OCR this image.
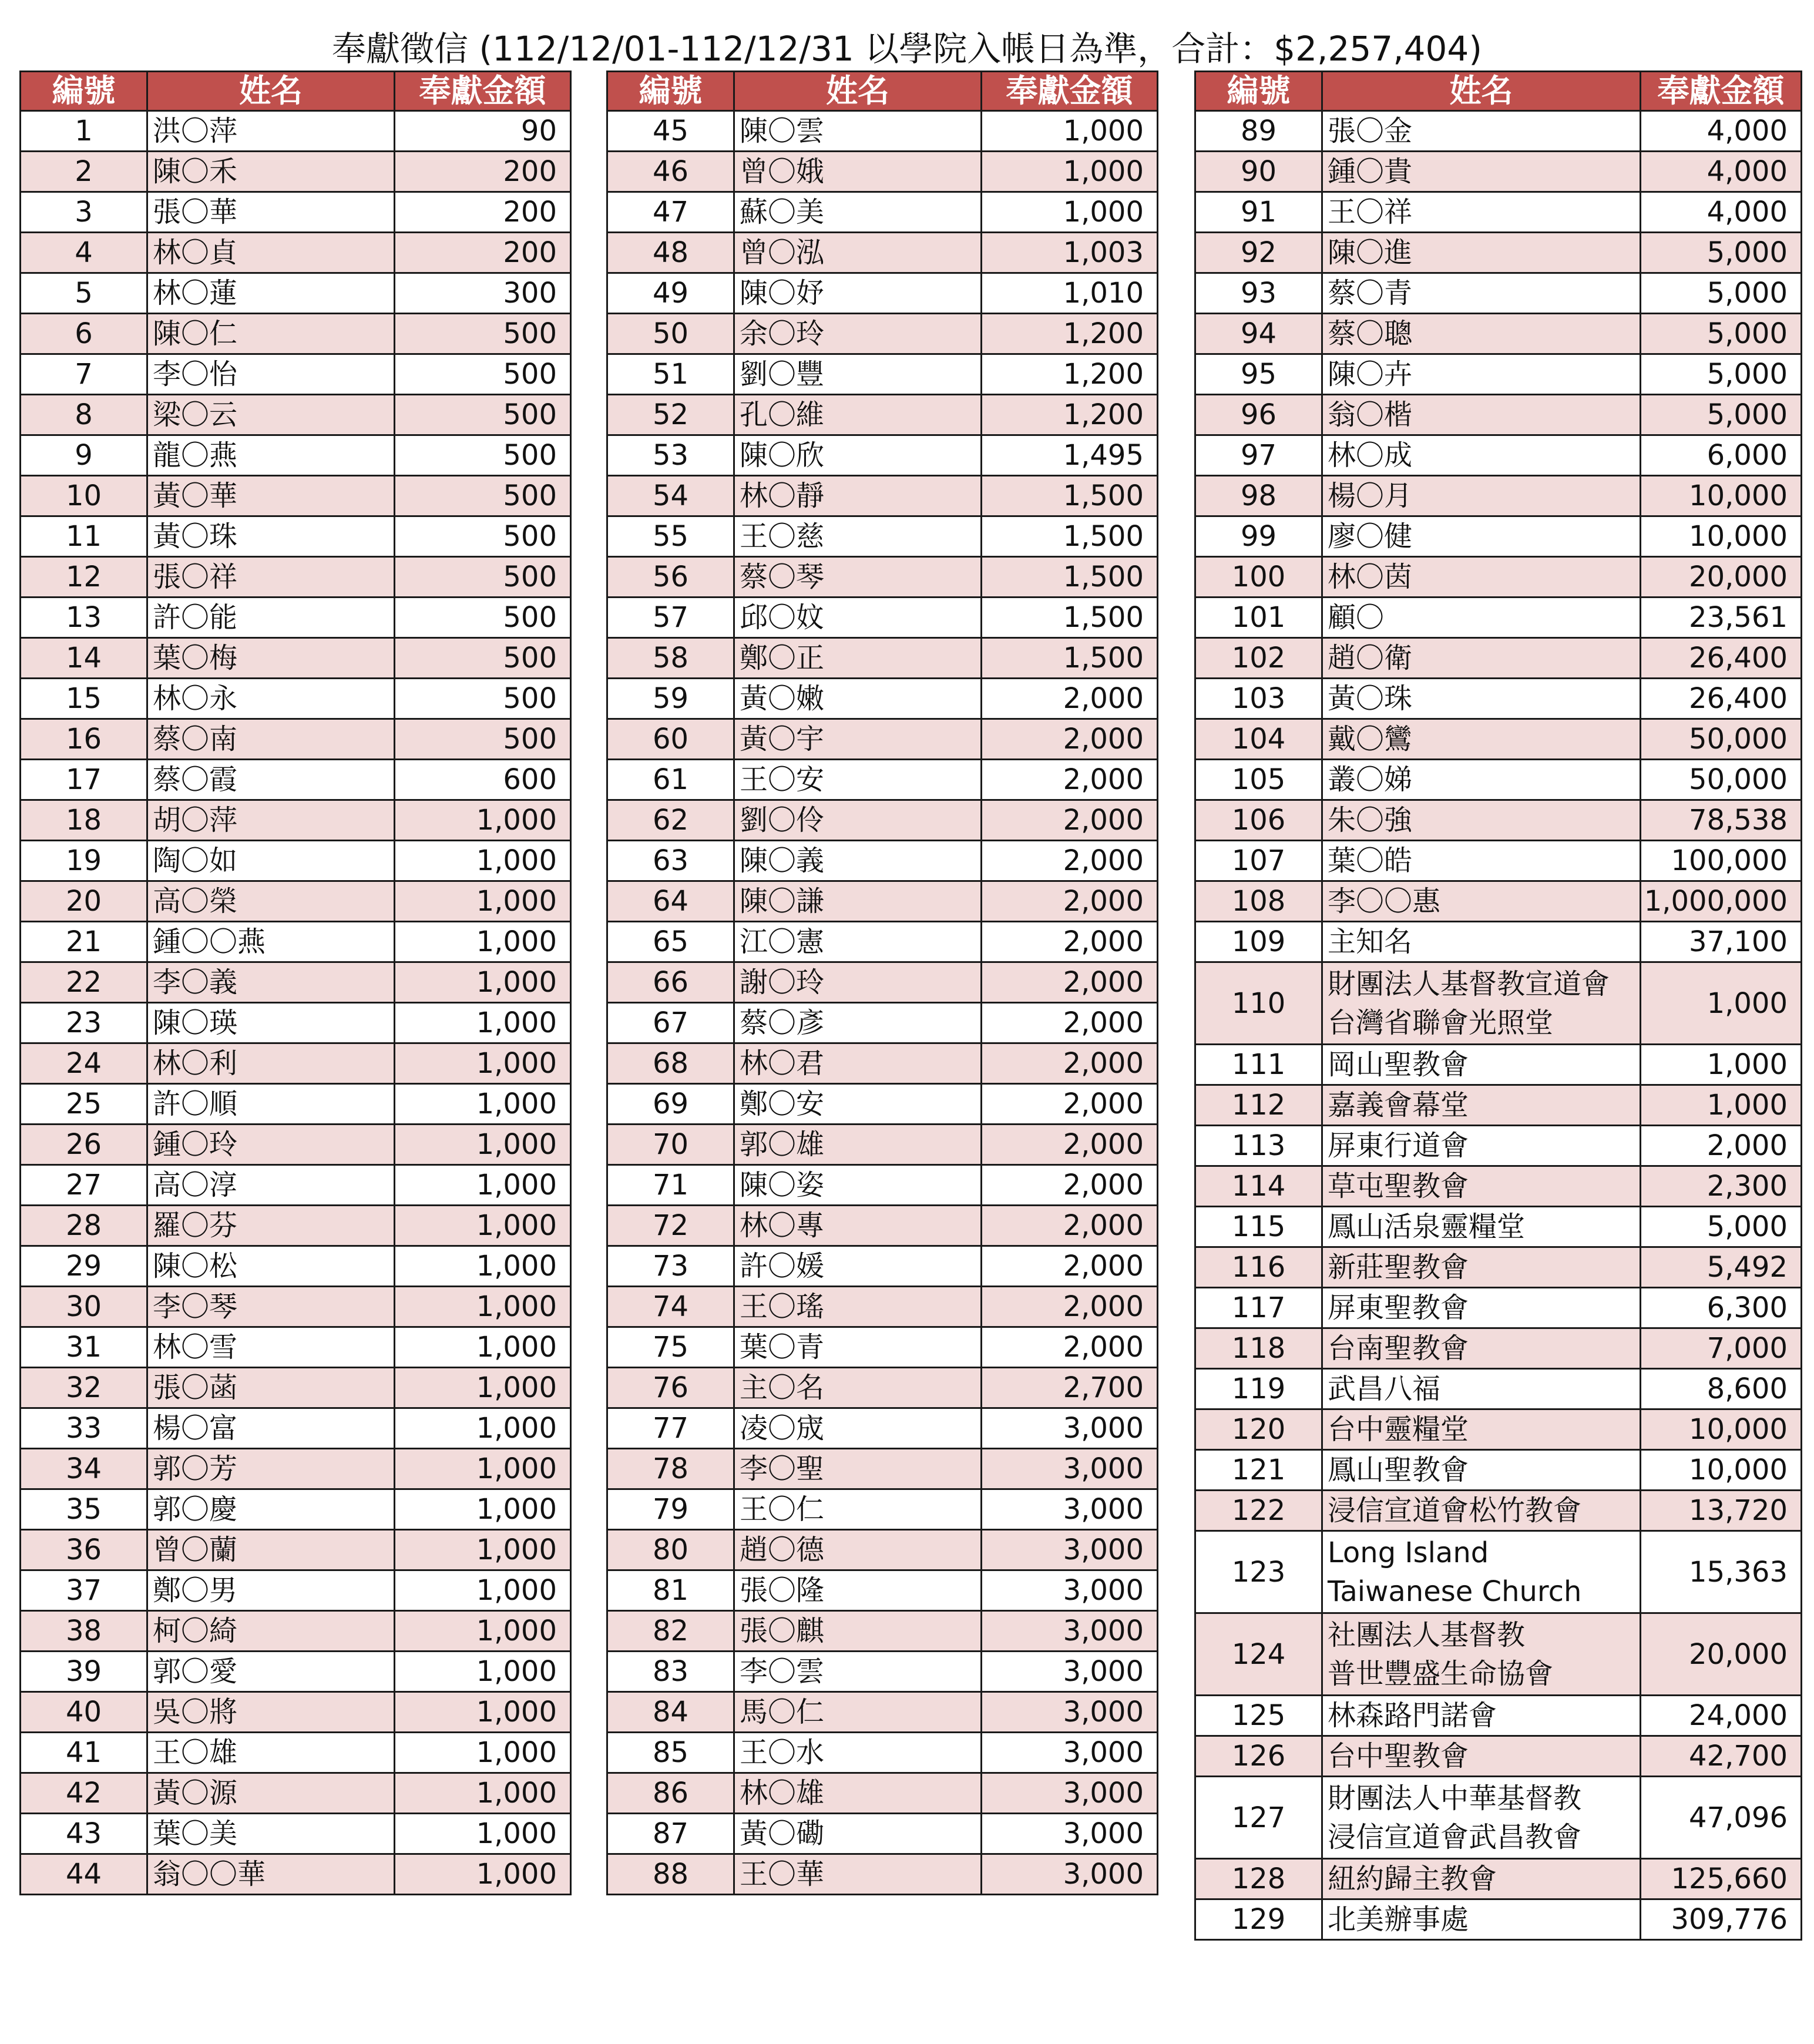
奉獻徵信 (112/12/01-112/12/31 以學院入帳日為準，合計：$2,257,404)
編號	姓名	奉獻金額
1	洪〇萍	90
2	陳〇禾	200
3	張〇華	200
4	林〇貞	200
5	林〇蓮	300
6	陳〇仁	500
7	李〇怡	500
8	梁〇云	500
9	龍〇燕	500
10	黃〇華	500
11	黃〇珠	500
12	張〇祥	500
13	許〇能	500
14	葉〇梅	500
15	林〇永	500
16	蔡〇南	500
17	蔡〇霞	600
18	胡〇萍	1,000
19	陶〇如	1,000
20	高〇榮	1,000
21	鍾〇〇燕	1,000
22	李〇義	1,000
23	陳〇瑛	1,000
24	林〇利	1,000
25	許〇順	1,000
26	鍾〇玲	1,000
27	高〇淳	1,000
28	羅〇芬	1,000
29	陳〇松	1,000
30	李〇琴	1,000
31	林〇雪	1,000
32	張〇菡	1,000
33	楊〇富	1,000
34	郭〇芳	1,000
35	郭〇慶	1,000
36	曾〇蘭	1,000
37	鄭〇男	1,000
38	柯〇綺	1,000
39	郭〇愛	1,000
40	吳〇將	1,000
41	王〇雄	1,000
42	黃〇源	1,000
43	葉〇美	1,000
44	翁〇〇華	1,000
編號	姓名	奉獻金額
45	陳〇雲	1,000
46	曾〇娥	1,000
47	蘇〇美	1,000
48	曾〇泓	1,003
49	陳〇妤	1,010
50	余〇玲	1,200
51	劉〇豐	1,200
52	孔〇維	1,200
53	陳〇欣	1,495
54	林〇靜	1,500
55	王〇慈	1,500
56	蔡〇琴	1,500
57	邱〇妏	1,500
58	鄭〇正	1,500
59	黃〇嫩	2,000
60	黃〇宇	2,000
61	王〇安	2,000
62	劉〇伶	2,000
63	陳〇義	2,000
64	陳〇謙	2,000
65	江〇憲	2,000
66	謝〇玲	2,000
67	蔡〇彥	2,000
68	林〇君	2,000
69	鄭〇安	2,000
70	郭〇雄	2,000
71	陳〇姿	2,000
72	林〇專	2,000
73	許〇媛	2,000
74	王〇瑤	2,000
75	葉〇青	2,000
76	主〇名	2,700
77	凌〇宬	3,000
78	李〇聖	3,000
79	王〇仁	3,000
80	趙〇德	3,000
81	張〇隆	3,000
82	張〇麒	3,000
83	李〇雲	3,000
84	馬〇仁	3,000
85	王〇水	3,000
86	林〇雄	3,000
87	黃〇磡	3,000
88	王〇華	3,000
編號	姓名	奉獻金額
89	張〇金	4,000
90	鍾〇貴	4,000
91	王〇祥	4,000
92	陳〇進	5,000
93	蔡〇青	5,000
94	蔡〇聰	5,000
95	陳〇卉	5,000
96	翁〇楷	5,000
97	林〇成	6,000
98	楊〇月	10,000
99	廖〇健	10,000
100	林〇茵	20,000
101	顧〇	23,561
102	趙〇衛	26,400
103	黃〇珠	26,400
104	戴〇鸞	50,000
105	叢〇娣	50,000
106	朱〇強	78,538
107	葉〇皓	100,000
108	李〇〇惠	1,000,000
109	主知名	37,100
110	財團法人基督教宣道會
台灣省聯會光照堂	1,000
111	岡山聖教會	1,000
112	嘉義會幕堂	1,000
113	屏東行道會	2,000
114	草屯聖教會	2,300
115	鳳山活泉靈糧堂	5,000
116	新莊聖教會	5,492
117	屏東聖教會	6,300
118	台南聖教會	7,000
119	武昌八福	8,600
120	台中靈糧堂	10,000
121	鳳山聖教會	10,000
122	浸信宣道會松竹教會	13,720
123	Long Island
Taiwanese Church	15,363
124	社團法人基督教
普世豐盛生命協會	20,000
125	林森路門諾會	24,000
126	台中聖教會	42,700
127	財團法人中華基督教
浸信宣道會武昌教會	47,096
128	紐約歸主教會	125,660
129	北美辦事處	309,776
